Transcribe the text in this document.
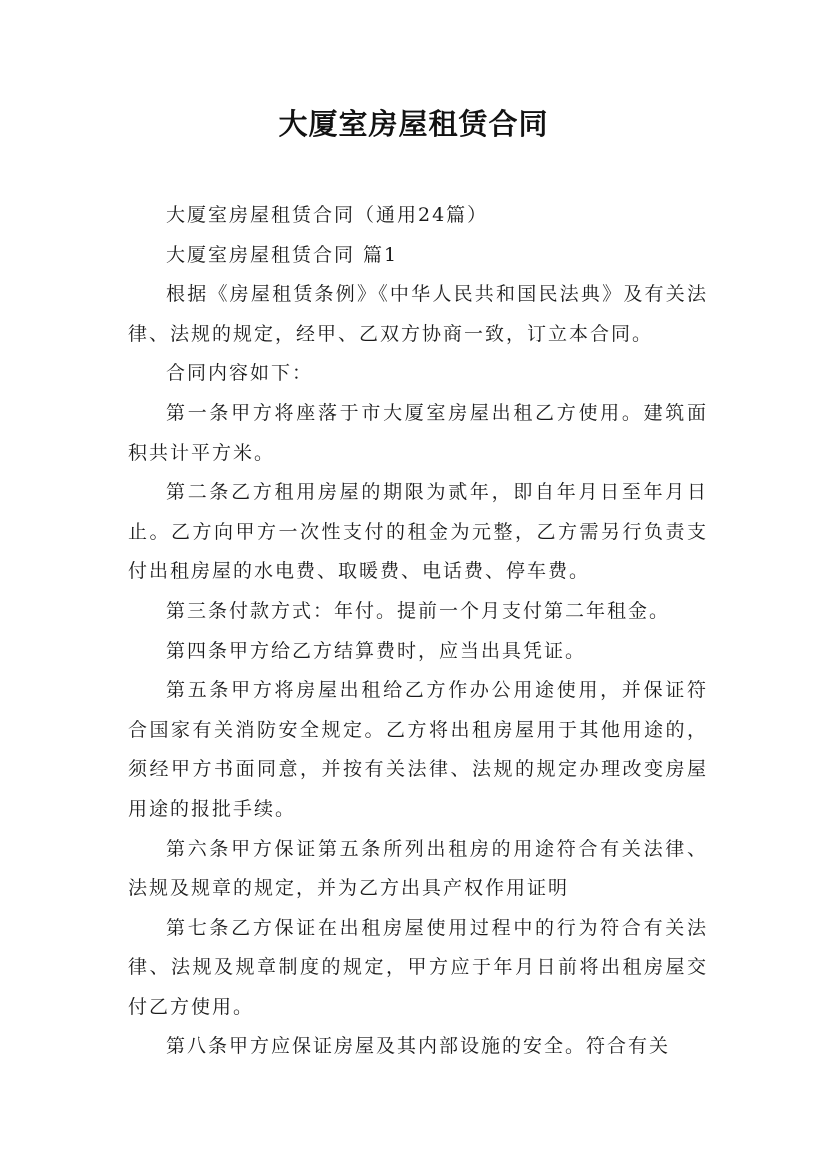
大厦室房屋租赁合同

大厦室房屋租赁合同（通用24篇）

大厦室房屋租赁合同 篇1

根据《房屋租赁条例》《中华人民共和国民法典》及有关法律、法规的规定，经甲、乙双方协商一致，订立本合同。

合同内容如下：

第一条甲方将座落于市大厦室房屋出租乙方使用。建筑面积共计平方米。

第二条乙方租用房屋的期限为贰年，即自年月日至年月日止。乙方向甲方一次性支付的租金为元整，乙方需另行负责支付出租房屋的水电费、取暖费、电话费、停车费。

第三条付款方式：年付。提前一个月支付第二年租金。

第四条甲方给乙方结算费时，应当出具凭证。

第五条甲方将房屋出租给乙方作办公用途使用，并保证符合国家有关消防安全规定。乙方将出租房屋用于其他用途的，须经甲方书面同意，并按有关法律、法规的规定办理改变房屋用途的报批手续。

第六条甲方保证第五条所列出租房的用途符合有关法律、法规及规章的规定，并为乙方出具产权作用证明

第七条乙方保证在出租房屋使用过程中的行为符合有关法律、法规及规章制度的规定，甲方应于年月日前将出租房屋交付乙方使用。

第八条甲方应保证房屋及其内部设施的安全。符合有关
